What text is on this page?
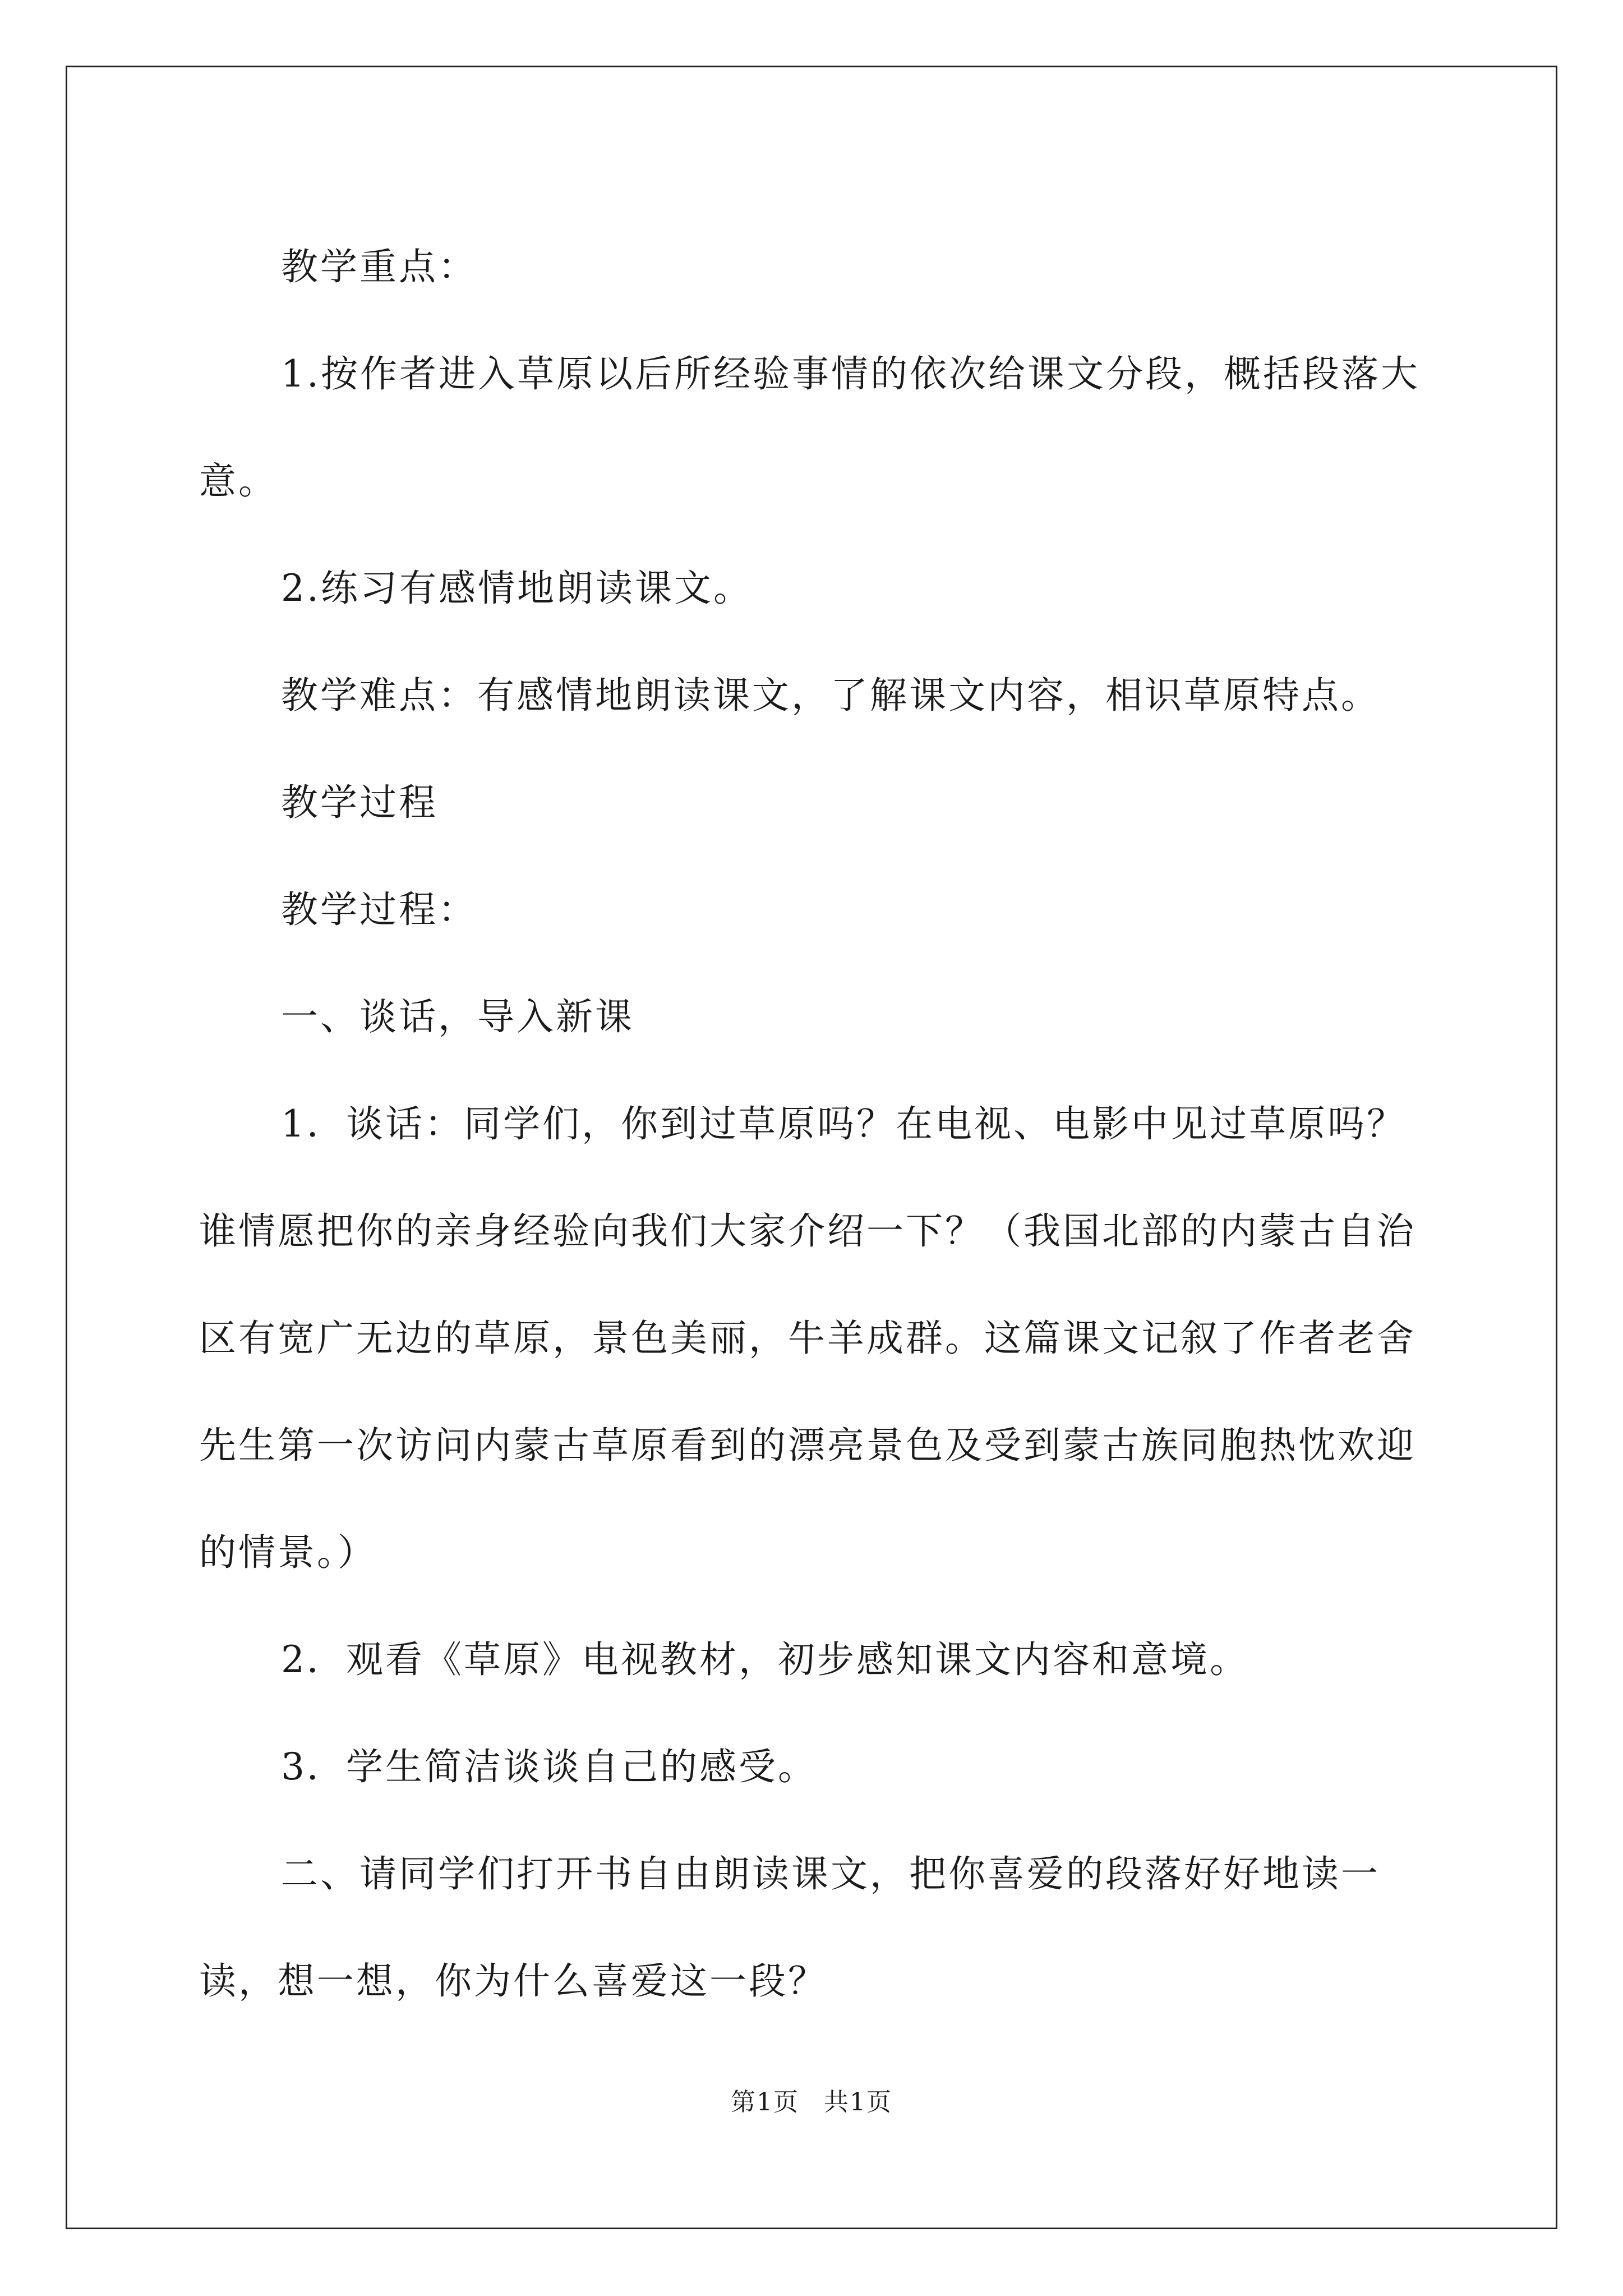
教学重点：

1.按作者进入草原以后所经验事情的依次给课文分段，概括段落大意。

2.练习有感情地朗读课文。

教学难点：有感情地朗读课文，了解课文内容，相识草原特点。

教学过程

教学过程：

一、谈话，导入新课

1．谈话：同学们，你到过草原吗？在电视、电影中见过草原吗？谁情愿把你的亲身经验向我们大家介绍一下？（我国北部的内蒙古自治区有宽广无边的草原，景色美丽，牛羊成群。这篇课文记叙了作者老舍先生第一次访问内蒙古草原看到的漂亮景色及受到蒙古族同胞热忱欢迎的情景。）

2．观看《草原》电视教材，初步感知课文内容和意境。

3．学生简洁谈谈自己的感受。

二、请同学们打开书自由朗读课文，把你喜爱的段落好好地读一读，想一想，你为什么喜爱这一段？

第1页 共1页
